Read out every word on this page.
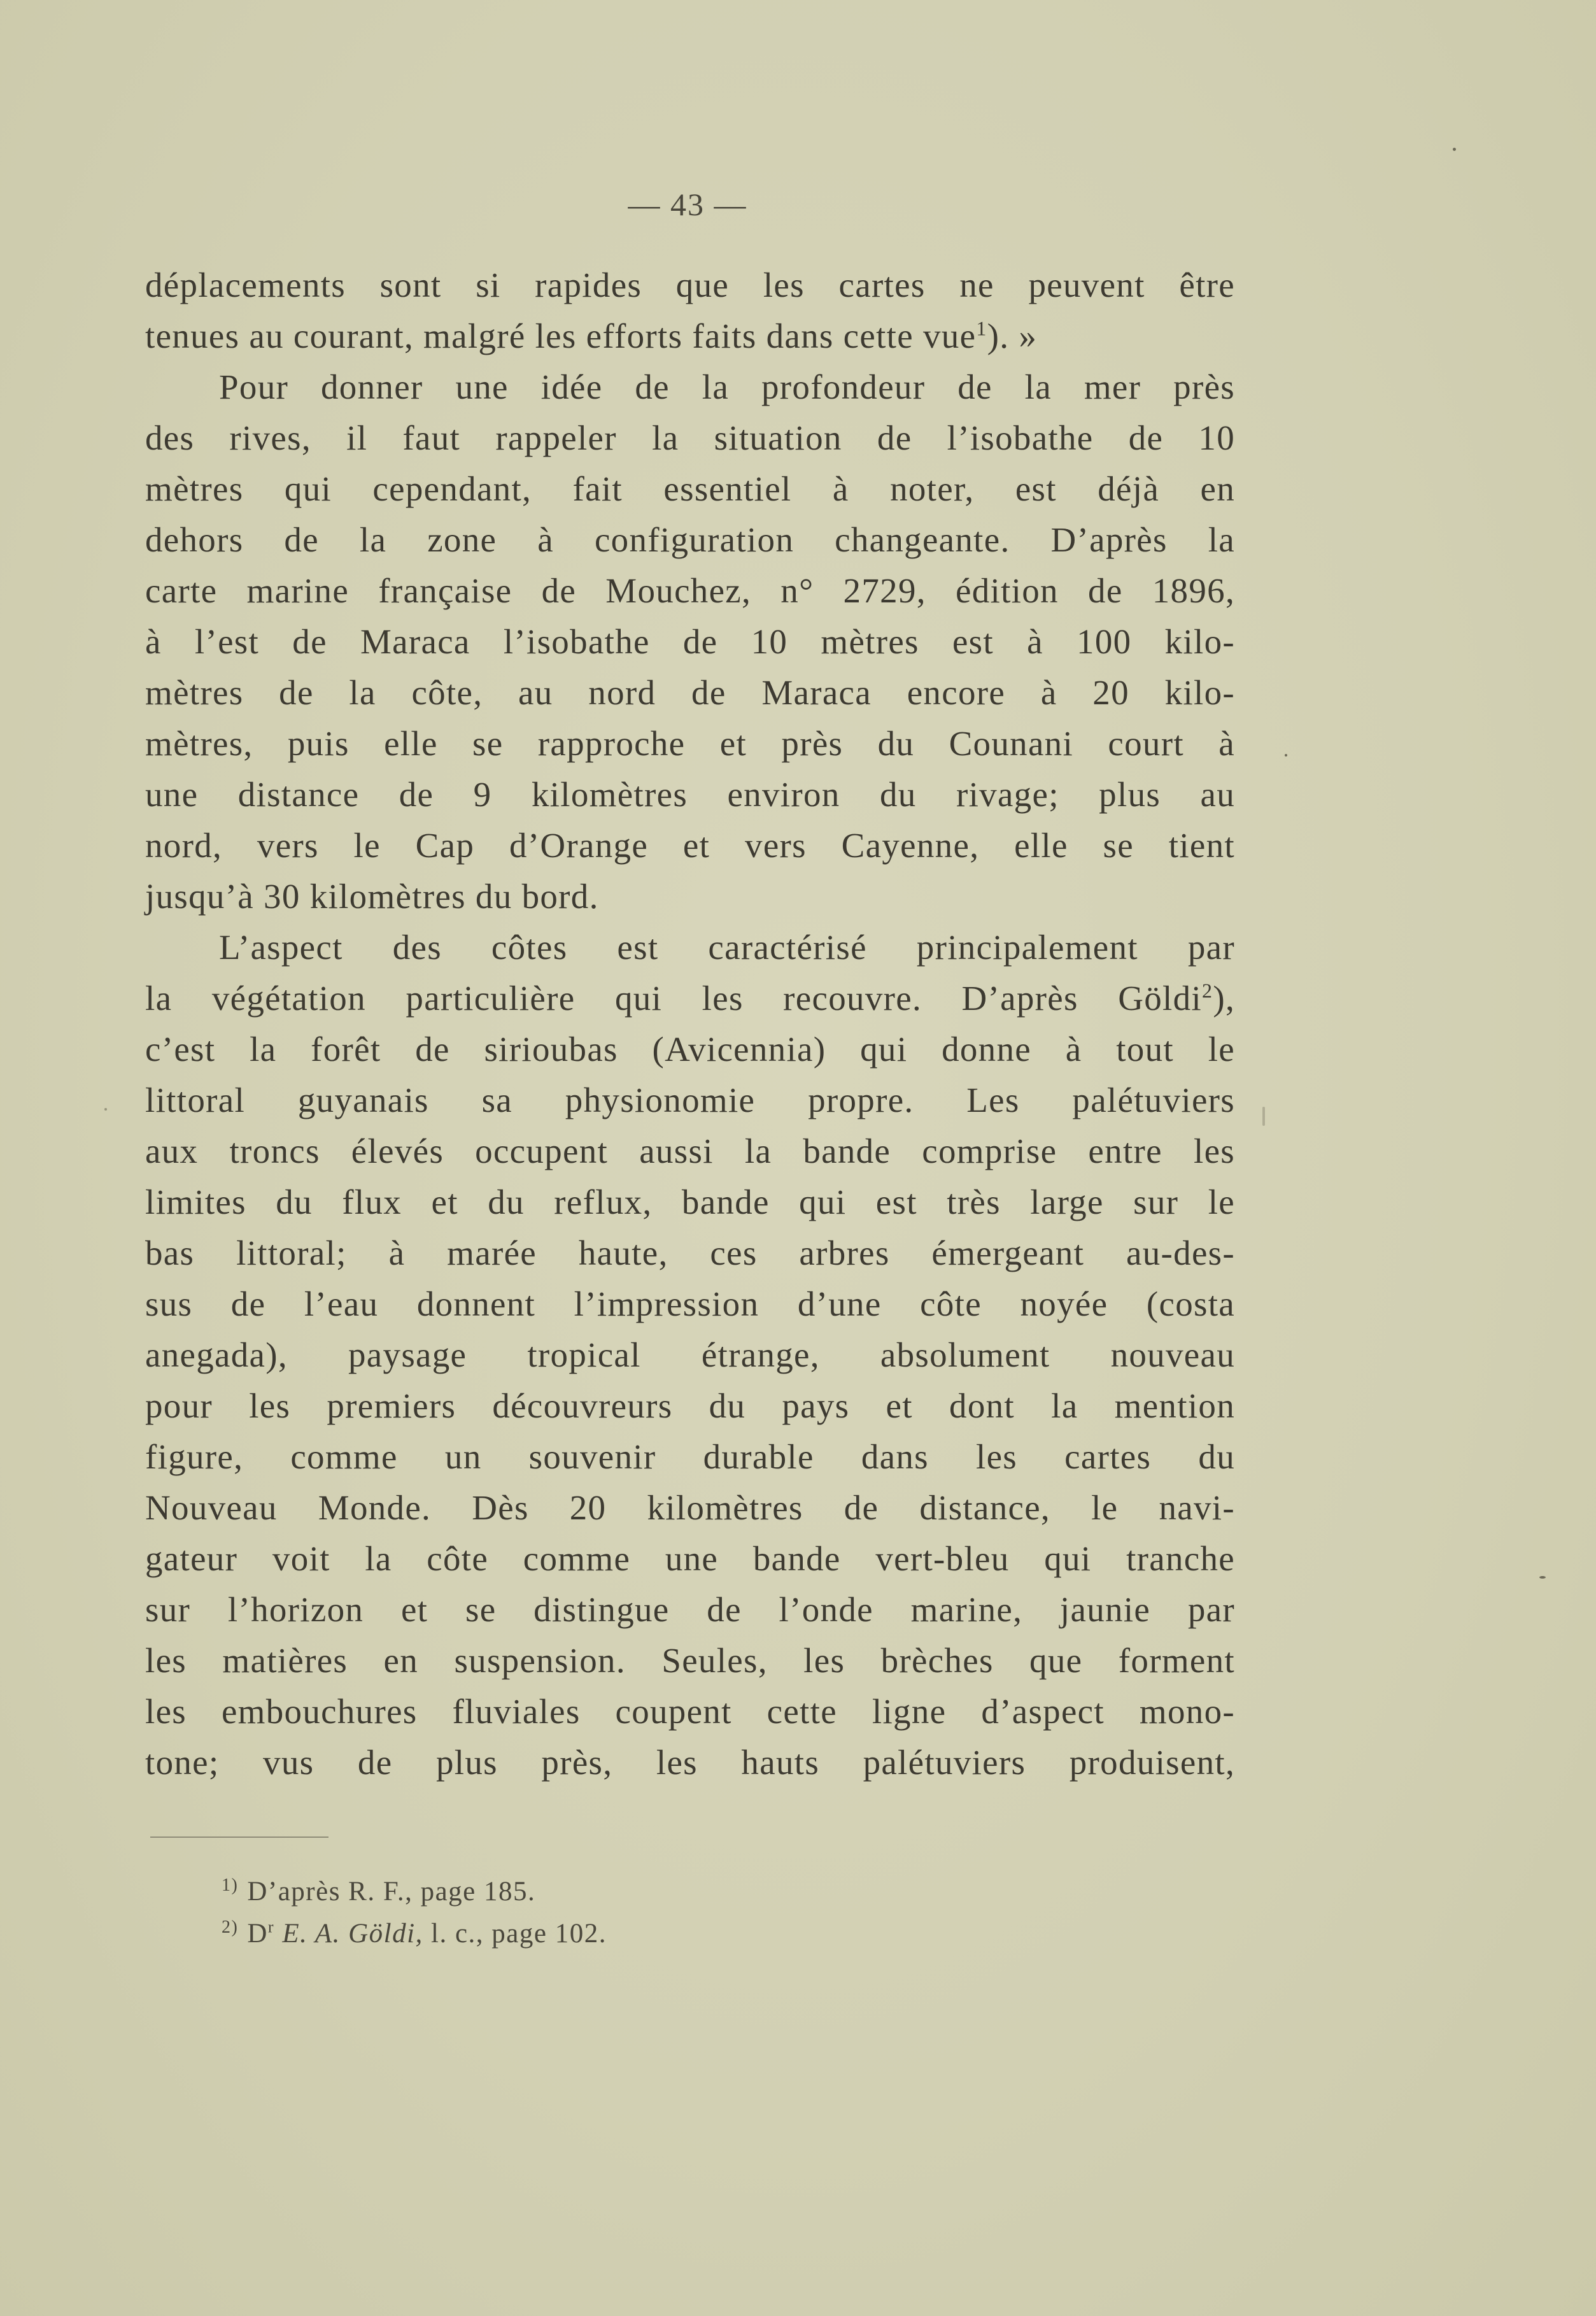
— 43 —
déplacements sont si rapides que les cartes ne peuvent être
tenues au courant, malgré les efforts faits dans cette vue$^1$). »
Pour donner une idée de la profondeur de la mer près
des rives, il faut rappeler la situation de l’isobathe de 10
mètres qui cependant, fait essentiel à noter, est déjà en
dehors de la zone à configuration changeante. D’après la
carte marine française de Mouchez, n° 2729, édition de 1896,
à l’est de Maraca l’isobathe de 10 mètres est à 100 kilo-
mètres de la côte, au nord de Maraca encore à 20 kilo-
mètres, puis elle se rapproche et près du Counani court à
une distance de 9 kilomètres environ du rivage; plus au
nord, vers le Cap d’Orange et vers Cayenne, elle se tient
jusqu’à 30 kilomètres du bord.
L’aspect des côtes est caractérisé principalement par
la végétation particulière qui les recouvre. D’après Göldi$^2$),
c’est la forêt de sirioubas (Avicennia) qui donne à tout le
littoral guyanais sa physionomie propre. Les palétuviers
aux troncs élevés occupent aussi la bande comprise entre les
limites du flux et du reflux, bande qui est très large sur le
bas littoral; à marée haute, ces arbres émergeant au-des-
sus de l’eau donnent l’impression d’une côte noyée (costa
anegada), paysage tropical étrange, absolument nouveau
pour les premiers découvreurs du pays et dont la mention
figure, comme un souvenir durable dans les cartes du
Nouveau Monde. Dès 20 kilomètres de distance, le navi-
gateur voit la côte comme une bande vert-bleu qui tranche
sur l’horizon et se distingue de l’onde marine, jaunie par
les matières en suspension. Seules, les brèches que forment
les embouchures fluviales coupent cette ligne d’aspect mono-
tone; vus de plus près, les hauts palétuviers produisent,
$^{1)}$ D’après R. F., page 185.
$^{2)}$ $D^r$ E. A. Göldi, l. c., page 102.
